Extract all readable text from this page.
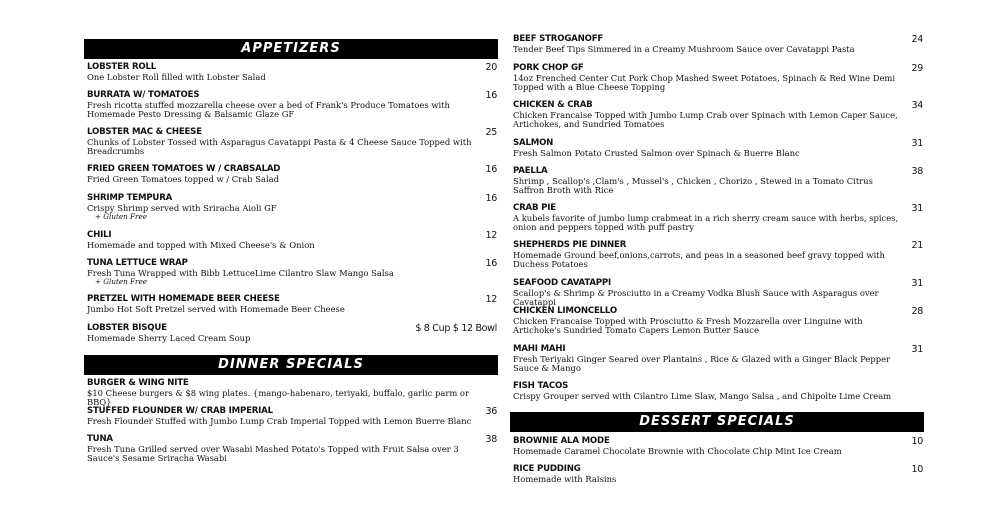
APPETIZERS
LOBSTER ROLL	20
One Lobster Roll filled with Lobster Salad
BURRATA W/ TOMATOES	16
Fresh ricotta stuffed mozzarella cheese over a bed of Frank's Produce Tomatoes with Homemade Pesto Dressing & Balsamic Glaze GF
LOBSTER MAC & CHEESE	25
Chunks of Lobster Tossed with Asparagus Cavatappi Pasta & 4 Cheese Sauce Topped with Breadcrumbs
FRIED GREEN TOMATOES W / CRABSALAD	16
Fried Green Tomatoes topped w / Crab Salad
SHRIMP TEMPURA	16
Crispy Shrimp served with Sriracha Aioli GF
+ Gluten Free
CHILI	12
Homemade and topped with Mixed Cheese's & Onion
TUNA LETTUCE WRAP	16
Fresh Tuna Wrapped with Bibb LettuceLime Cilantro Slaw Mango Salsa
+ Gluten Free
PRETZEL WITH HOMEMADE BEER CHEESE	12
Jumbo Hot Soft Pretzel served with Homemade Beer Cheese
LOBSTER BISQUE	$ 8 Cup $ 12 Bowl
Homemade Sherry Laced Cream Soup
DINNER SPECIALS
BURGER & WING NITE
$10 Cheese burgers & $8 wing plates. {mango-habenaro, teriyaki, buffalo, garlic parm or BBQ}
STUFFED FLOUNDER W/ CRAB IMPERIAL	36
Fresh Flounder Stuffed with Jumbo Lump Crab Imperial Topped with Lemon Buerre Blanc
TUNA	38
Fresh Tuna Grilled served over Wasabi Mashed Potato's Topped with Fruit Salsa over 3 Sauce's Sesame Sriracha Wasabi
BEEF STROGANOFF	24
Tender Beef Tips Simmered in a Creamy Mushroom Sauce over Cavatappi Pasta
PORK CHOP GF	29
14oz Frenched Center Cut Pork Chop Mashed Sweet Potatoes, Spinach & Red Wine Demi Topped with a Blue Cheese Topping
CHICKEN & CRAB	34
Chicken Francaise Topped with Jumbo Lump Crab over Spinach with Lemon Caper Sauce, Artichokes, and Sundried Tomatoes
SALMON	31
Fresh Salmon Potato Crusted Salmon over Spinach & Buerre Blanc
PAELLA	38
Shrimp , Scallop's ,Clam's , Mussel's , Chicken , Chorizo , Stewed in a Tomato Citrus Saffron Broth with Rice
CRAB PIE	31
A kubels favorite of jumbo lump crabmeat in a rich sherry cream sauce with herbs, spices, onion and peppers topped with puff pastry
SHEPHERDS PIE DINNER	21
Homemade Ground beef,onions,carrots, and peas in a seasoned beef gravy topped with Duchess Potatoes
SEAFOOD CAVATAPPI	31
Scallop's & Shrimp & Prosciutto in a Creamy Vodka Blush Sauce with Asparagus over Cavatappi
CHICKEN LIMONCELLO	28
Chicken Francaise Topped with Prosciutto & Fresh Mozzarella over Linguine with Artichoke's Sundried Tomato Capers Lemon Butter Sauce
MAHI MAHI	31
Fresh Teriyaki Ginger Seared over Plantains , Rice & Glazed with a Ginger Black Pepper Sauce & Mango
FISH TACOS
Crispy Grouper served with Cilantro Lime Slaw, Mango Salsa , and Chipolte Lime Cream
DESSERT SPECIALS
BROWNIE ALA MODE	10
Homemade Caramel Chocolate Brownie with Chocolate Chip Mint Ice Cream
RICE PUDDING	10
Homemade with Raisins
